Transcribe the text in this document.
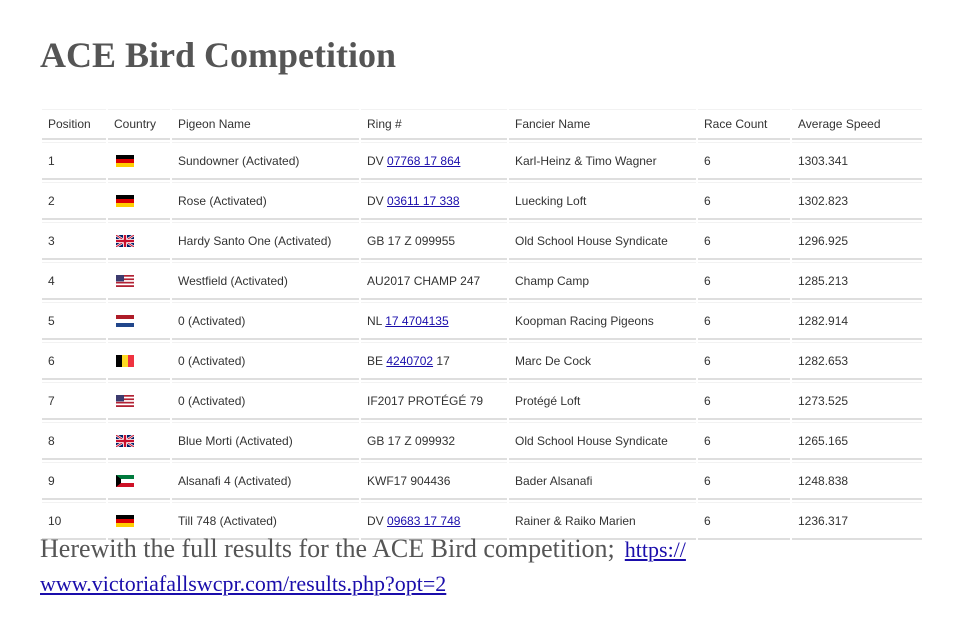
ACE Bird Competition
Position	Country	Pigeon Name	Ring #	Fancier Name	Race Count	Average Speed
1		Sundowner (Activated)	DV 07768 17 864	Karl-Heinz & Timo Wagner	6	1303.341
2		Rose (Activated)	DV 03611 17 338	Luecking Loft	6	1302.823
3		Hardy Santo One (Activated)	GB 17 Z 099955	Old School House Syndicate	6	1296.925
4		Westfield (Activated)	AU2017 CHAMP 247	Champ Camp	6	1285.213
5		0 (Activated)	NL 17 4704135	Koopman Racing Pigeons	6	1282.914
6		0 (Activated)	BE 4240702 17	Marc De Cock	6	1282.653
7		0 (Activated)	IF2017 PROTÉGÉ 79	Protégé Loft	6	1273.525
8		Blue Morti (Activated)	GB 17 Z 099932	Old School House Syndicate	6	1265.165
9		Alsanafi 4 (Activated)	KWF17 904436	Bader Alsanafi	6	1248.838
10		Till 748 (Activated)	DV 09683 17 748	Rainer & Raiko Marien	6	1236.317
Herewith the full results for the ACE Bird competition; https://
www.victoriafallswcpr.com/results.php?opt=2
